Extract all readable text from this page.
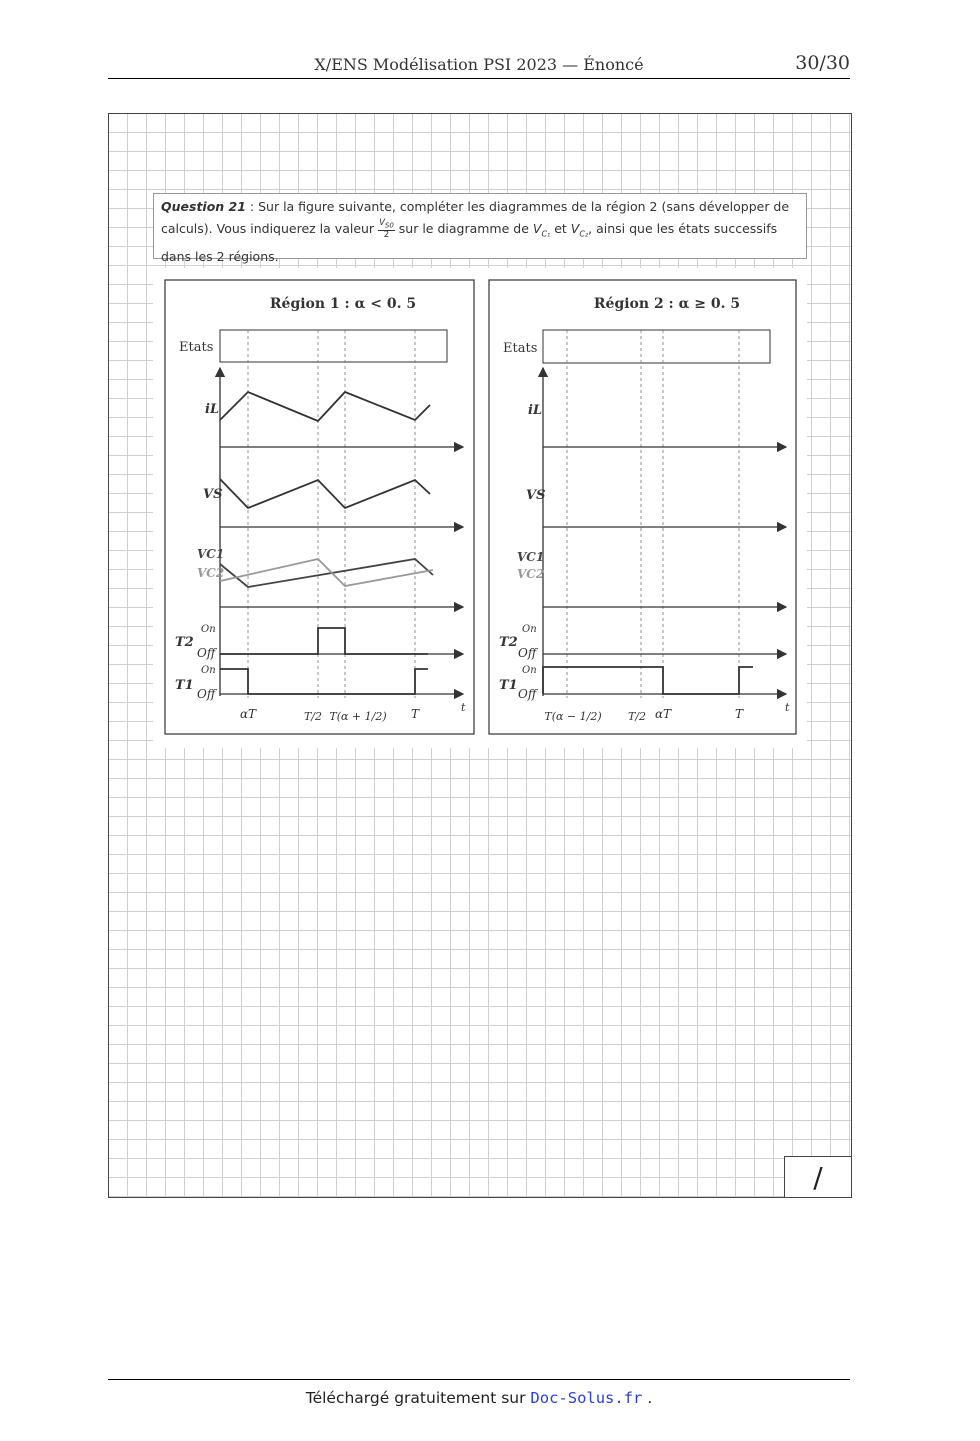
X/ENS Modélisation PSI 2023 — Énoncé	30/30
/
Question 21 : Sur la figure suivante, compléter les diagrammes de la région 2 (sans développer de calculs). Vous indiquerez la valeur $\frac{V_{S0}}{2}$ sur le diagramme de $V_{C_1}$ et $V_{C_2}$, ainsi que les états successifs dans les 2 régions.
Région 1 : α < 0. 5
Etats
iL
VS
VC1
VC2
On
Off
T2
On
Off
T1
t
αT	T/2 T(α + 1/2) T
Région 2 : α ≥ 0. 5
Etats
iL
VS
VC1
VC2
On
Off
T2
On
Off
T1
t
T(α − 1/2) T/2 αT	T
Téléchargé gratuitement sur Doc-Solus.fr .
